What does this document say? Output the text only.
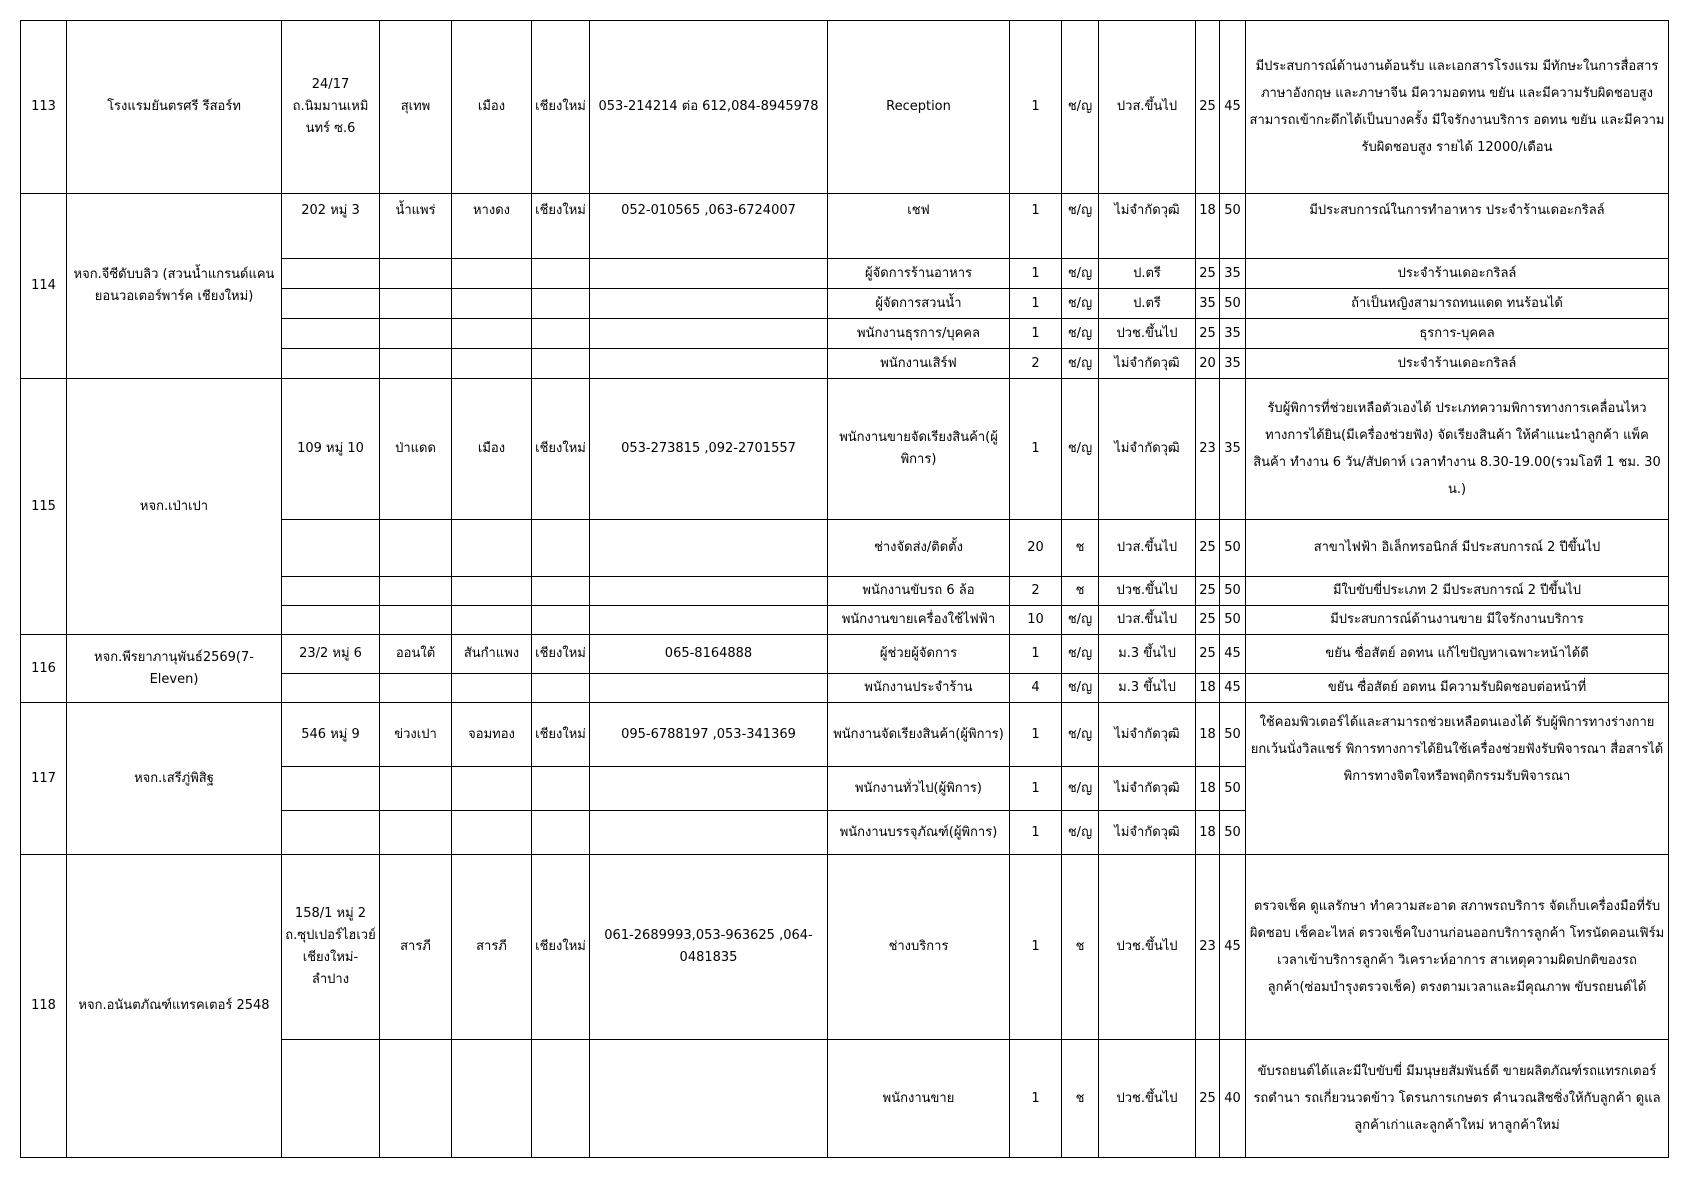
113	โรงแรมยันตรศรี รีสอร์ท	24/17 ถ.นิมมานเหมินทร์ ซ.6	สุเทพ	เมือง	เชียงใหม่	053-214214 ต่อ 612,084-8945978	Reception	1	ช/ญ	ปวส.ขึ้นไป	25	45	มีประสบการณ์ด้านงานต้อนรับ และเอกสารโรงแรม มีทักษะในการสื่อสารภาษาอังกฤษ และภาษาจีน มีความอดทน ขยัน และมีความรับผิดชอบสูง สามารถเข้ากะดึกได้เป็นบางครั้ง มีใจรักงานบริการ อดทน ขยัน และมีความรับผิดชอบสูง รายได้ 12000/เดือน
114	หจก.จีซีดับบลิว (สวนน้ำแกรนด์แคนยอนวอเตอร์พาร์ค เชียงใหม่)	202 หมู่ 3	น้ำแพร่	หางดง	เชียงใหม่	052-010565 ,063-6724007	เชฟ	1	ช/ญ	ไม่จำกัดวุฒิ	18	50	มีประสบการณ์ในการทำอาหาร ประจำร้านเดอะกริลล์
							ผู้จัดการร้านอาหาร	1	ช/ญ	ป.ตรี	25	35	ประจำร้านเดอะกริลล์
							ผู้จัดการสวนน้ำ	1	ช/ญ	ป.ตรี	35	50	ถ้าเป็นหญิงสามารถทนแดด ทนร้อนได้
							พนักงานธุรการ/บุคคล	1	ช/ญ	ปวช.ขึ้นไป	25	35	ธุรการ-บุคคล
							พนักงานเสิร์ฟ	2	ช/ญ	ไม่จำกัดวุฒิ	20	35	ประจำร้านเดอะกริลล์
115	หจก.เป่าเปา	109 หมู่ 10	ป่าแดด	เมือง	เชียงใหม่	053-273815 ,092-2701557	พนักงานขายจัดเรียงสินค้า(ผู้พิการ)	1	ช/ญ	ไม่จำกัดวุฒิ	23	35	รับผู้พิการที่ช่วยเหลือตัวเองได้ ประเภทความพิการทางการเคลื่อนไหว ทางการได้ยิน(มีเครื่องช่วยฟัง) จัดเรียงสินค้า ให้คำแนะนำลูกค้า แพ็คสินค้า ทำงาน 6 วัน/สัปดาห์ เวลาทำงาน 8.30-19.00(รวมโอที 1 ชม. 30 น.)
							ช่างจัดส่ง/ติดตั้ง	20	ช	ปวส.ขึ้นไป	25	50	สาขาไฟฟ้า อิเล็กทรอนิกส์ มีประสบการณ์ 2 ปีขึ้นไป
							พนักงานขับรถ 6 ล้อ	2	ช	ปวช.ขึ้นไป	25	50	มีใบขับขี่ประเภท 2 มีประสบการณ์ 2 ปีขึ้นไป
							พนักงานขายเครื่องใช้ไฟฟ้า	10	ช/ญ	ปวส.ขึ้นไป	25	50	มีประสบการณ์ด้านงานขาย มีใจรักงานบริการ
116	หจก.พีรยาภานุพันธ์2569(7-Eleven)	23/2 หมู่ 6	ออนใต้	สันกำแพง	เชียงใหม่	065-8164888	ผู้ช่วยผู้จัดการ	1	ช/ญ	ม.3 ขึ้นไป	25	45	ขยัน ซื่อสัตย์ อดทน แก้ไขปัญหาเฉพาะหน้าได้ดี
							พนักงานประจำร้าน	4	ช/ญ	ม.3 ขึ้นไป	18	45	ขยัน ซื่อสัตย์ อดทน มีความรับผิดชอบต่อหน้าที่
117	หจก.เสรีภู่พิสิฐ	546 หมู่ 9	ข่วงเปา	จอมทอง	เชียงใหม่	095-6788197 ,053-341369	พนักงานจัดเรียงสินค้า(ผู้พิการ)	1	ช/ญ	ไม่จำกัดวุฒิ	18	50	ใช้คอมพิวเตอร์ได้และสามารถช่วยเหลือตนเองได้ รับผู้พิการทางร่างกาย ยกเว้นนั่งวิลแชร์ พิการทางการได้ยินใช้เครื่องช่วยฟังรับพิจารณา สื่อสารได้ พิการทางจิตใจหรือพฤติกรรมรับพิจารณา
							พนักงานทั่วไป(ผู้พิการ)	1	ช/ญ	ไม่จำกัดวุฒิ	18	50	
							พนักงานบรรจุภัณฑ์(ผู้พิการ)	1	ช/ญ	ไม่จำกัดวุฒิ	18	50	
118	หจก.อนันตภัณฑ์แทรคเตอร์ 2548	158/1 หมู่ 2 ถ.ซุปเปอร์ไฮเวย์เชียงใหม่-ลำปาง	สารภี	สารภี	เชียงใหม่	061-2689993,053-963625 ,064-0481835	ช่างบริการ	1	ช	ปวช.ขึ้นไป	23	45	ตรวจเช็ค ดูแลรักษา ทำความสะอาด สภาพรถบริการ จัดเก็บเครื่องมือที่รับผิดชอบ เช็คอะไหล่ ตรวจเช็คใบงานก่อนออกบริการลูกค้า โทรนัดคอนเฟิร์มเวลาเข้าบริการลูกค้า วิเคราะห์อาการ สาเหตุความผิดปกติของรถลูกค้า(ซ่อมบำรุงตรวจเช็ค) ตรงตามเวลาและมีคุณภาพ ขับรถยนต์ได้
							พนักงานขาย	1	ช	ปวช.ขึ้นไป	25	40	ขับรถยนต์ได้และมีใบขับขี่ มีมนุษยสัมพันธ์ดี ขายผลิตภัณฑ์รถแทรกเตอร์ รถดำนา รถเกี่ยวนวดข้าว โดรนการเกษตร คำนวณสิชซิ่งให้กับลูกค้า ดูแลลูกค้าเก่าและลูกค้าใหม่ หาลูกค้าใหม่
